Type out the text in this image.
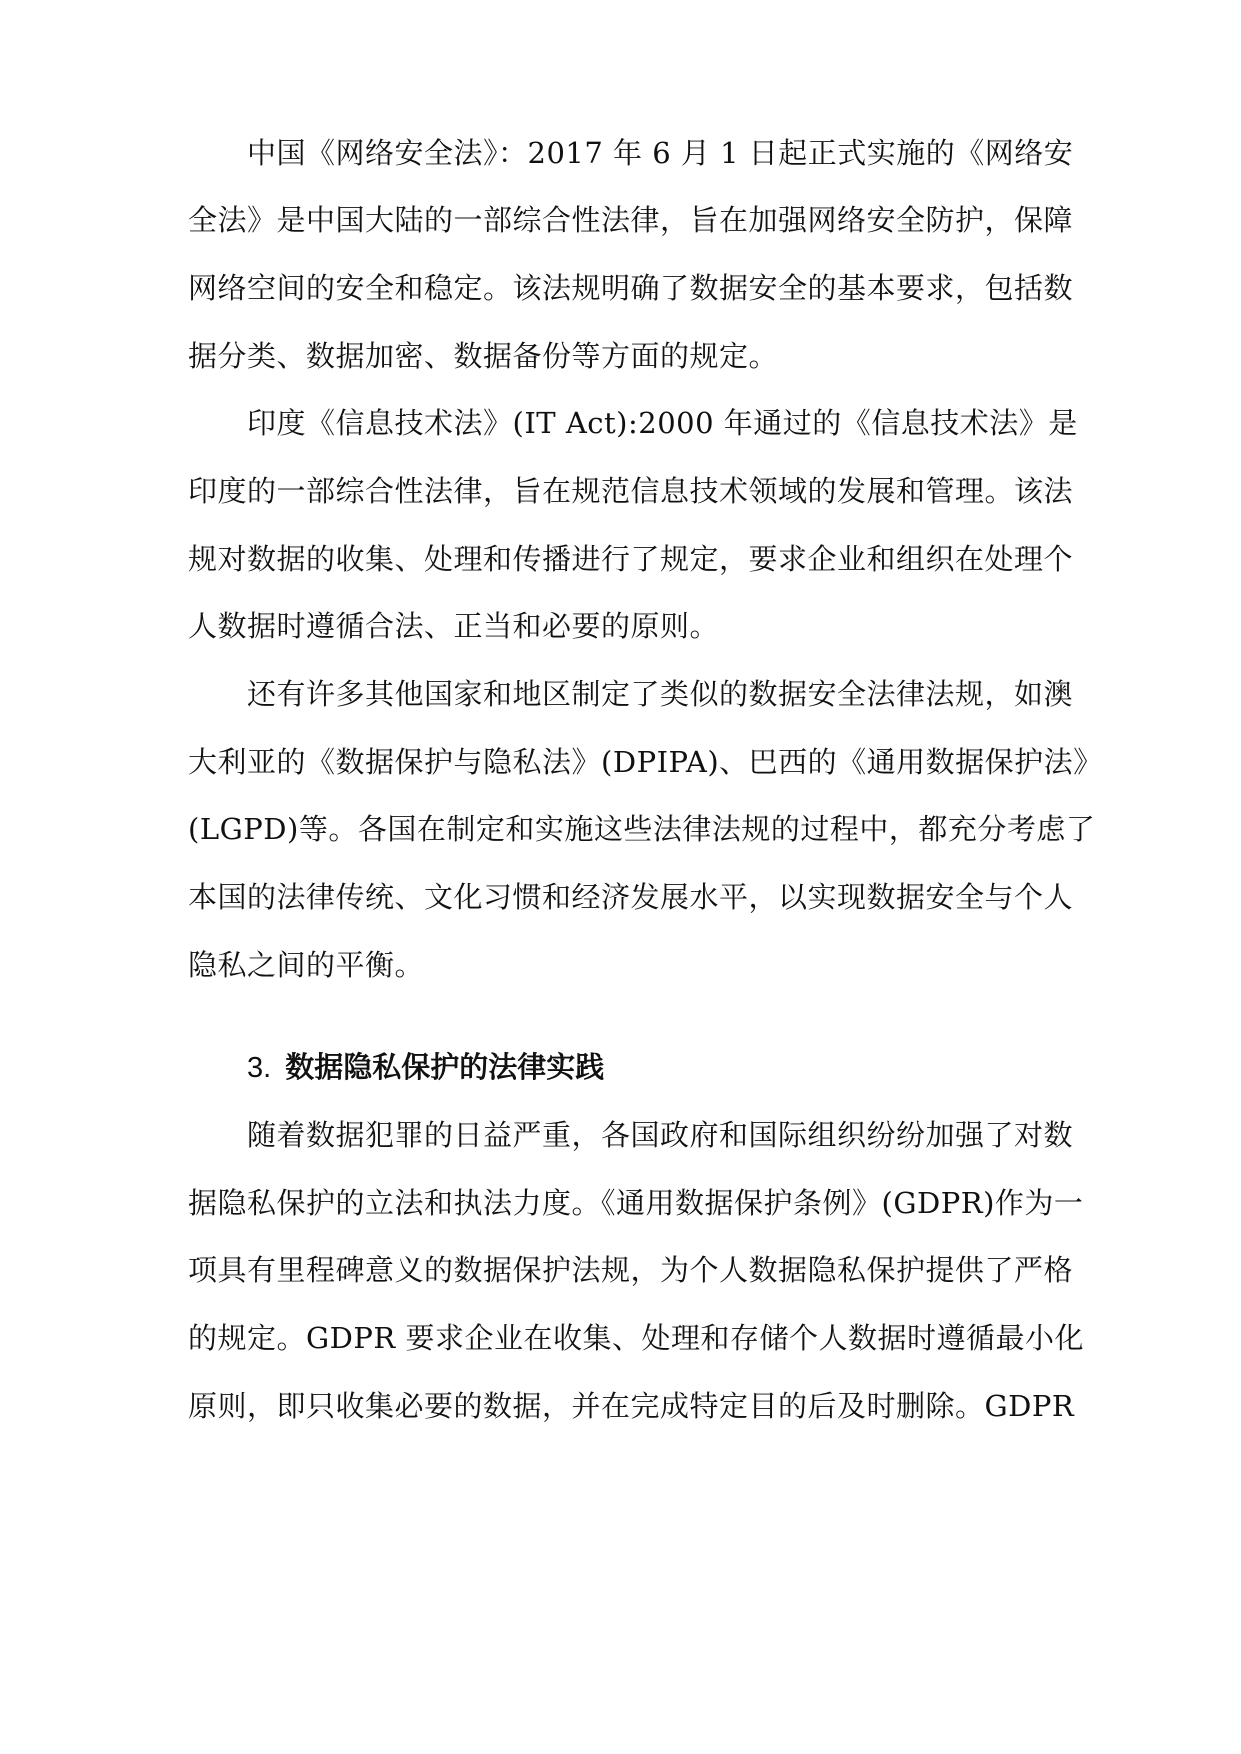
中国《网络安全法》：2017 年 6 月 1 日起正式实施的《网络安
全法》是中国大陆的一部综合性法律，旨在加强网络安全防护，保障
网络空间的安全和稳定。该法规明确了数据安全的基本要求，包括数
据分类、数据加密、数据备份等方面的规定。
印度《信息技术法》(IT Act):2000 年通过的《信息技术法》是
印度的一部综合性法律，旨在规范信息技术领域的发展和管理。该法
规对数据的收集、处理和传播进行了规定，要求企业和组织在处理个
人数据时遵循合法、正当和必要的原则。
还有许多其他国家和地区制定了类似的数据安全法律法规，如澳
大利亚的《数据保护与隐私法》(DPIPA)、巴西的《通用数据保护法》
(LGPD)等。各国在制定和实施这些法律法规的过程中，都充分考虑了
本国的法律传统、文化习惯和经济发展水平，以实现数据安全与个人
隐私之间的平衡。
3. 数据隐私保护的法律实践
随着数据犯罪的日益严重，各国政府和国际组织纷纷加强了对数
据隐私保护的立法和执法力度。《通用数据保护条例》(GDPR)作为一
项具有里程碑意义的数据保护法规，为个人数据隐私保护提供了严格
的规定。GDPR 要求企业在收集、处理和存储个人数据时遵循最小化
原则，即只收集必要的数据，并在完成特定目的后及时删除。GDPR
